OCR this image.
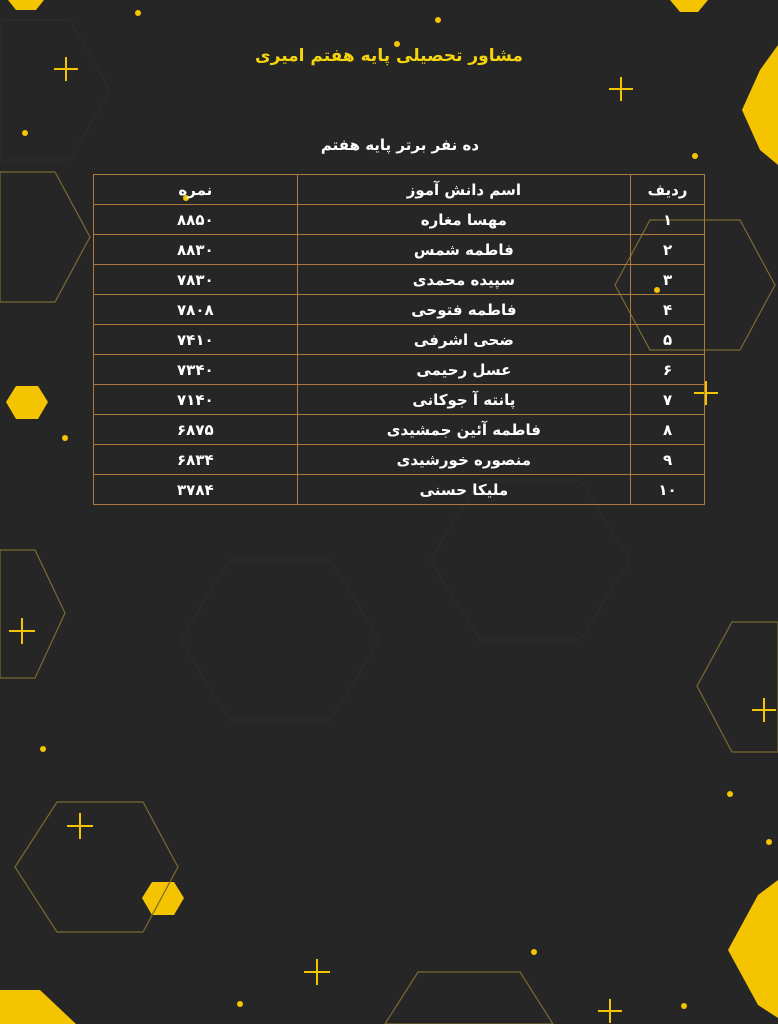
مشاور تحصیلی پایه هفتم امیری
ده نفر برتر پایه هفتم
ردیف	اسم دانش آموز	نمره
۱	مهسا مغاره	۸۸۵۰
۲	فاطمه شمس	۸۸۳۰
۳	سپیده محمدی	۷۸۳۰
۴	فاطمه فتوحی	۷۸۰۸
۵	ضحی اشرفی	۷۴۱۰
۶	عسل رحیمی	۷۳۴۰
۷	پانته آ جوکانی	۷۱۴۰
۸	فاطمه آئین جمشیدی	۶۸۷۵
۹	منصوره خورشیدی	۶۸۳۴
۱۰	ملیکا حسنی	۳۷۸۴
